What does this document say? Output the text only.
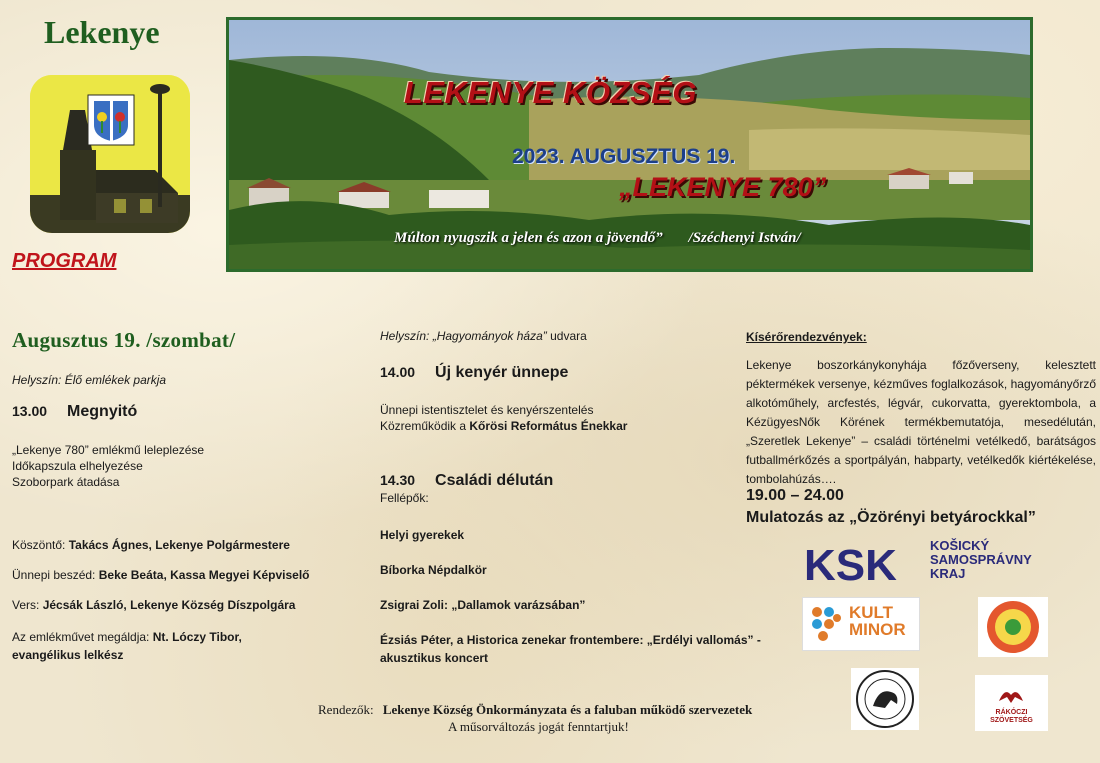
Lekenye
PROGRAM
LEKENYE KÖZSÉG
2023. AUGUSZTUS 19.
„LEKENYE 780”
Múlton nyugszik a jelen és azon a jövendő” /Széchenyi István/
Augusztus 19. /szombat/
Helyszín: Élő emlékek parkja
13.00 Megnyitó
„Lekenye 780” emlékmű leleplezése
Időkapszula elhelyezése
Szoborpark átadása
Köszöntő: Takács Ágnes, Lekenye Polgármestere
Ünnepi beszéd: Beke Beáta, Kassa Megyei Képviselő
Vers: Jécsák László, Lekenye Község Díszpolgára
Az emlékművet megáldja: Nt. Lóczy Tibor,
evangélikus lelkész
Helyszín: „Hagyományok háza” udvara
14.00 Új kenyér ünnepe
Ünnepi istentisztelet és kenyérszentelés
Közreműködik a Kőrösi Református Énekkar
14.30 Családi délután
Fellépők:
Helyi gyerekek
Bíborka Népdalkör
Zsigrai Zoli: „Dallamok varázsában”
Ézsiás Péter, a Historica zenekar frontembere: „Erdélyi vallomás” -
akusztikus koncert
Kísérőrendezvények:
Lekenye boszorkánykonyhája főzőverseny, kelesztett péktermékek versenye, kézműves foglalkozások, hagyományőrző alkotóműhely, arcfestés, légvár, cukorvatta, gyerektombola, a KézügyesNők Körének termékbemutatója, mesedélután, „Szeretlek Lekenye” – családi történelmi vetélkedő, barátságos futballmérkőzés a sportpályán, habparty, vetélkedők kiértékelése, tombolahúzás….
19.00 – 24.00
Mulatozás az „Özörényi betyárockkal”
KSK	KOŠICKÝ
SAMOSPRÁVNY
KRAJ
KULT
MINOR
RÁKÓCZI
SZÖVETSÉG
Rendezők: Lekenye Község Önkormányzata és a faluban működő szervezetek
A műsorváltozás jogát fenntartjuk!
